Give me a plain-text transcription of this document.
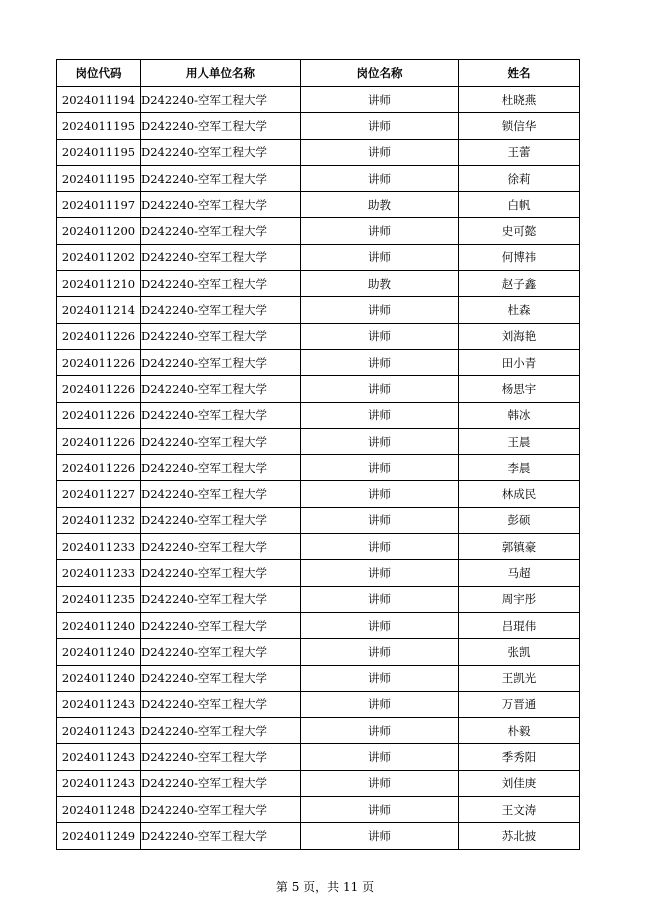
岗位代码	用人单位名称	岗位名称	姓名
2024011194	D242240-空军工程大学	讲师	杜晓燕
2024011195	D242240-空军工程大学	讲师	锁信华
2024011195	D242240-空军工程大学	讲师	王蕾
2024011195	D242240-空军工程大学	讲师	徐莉
2024011197	D242240-空军工程大学	助教	白帆
2024011200	D242240-空军工程大学	讲师	史可懿
2024011202	D242240-空军工程大学	讲师	何博祎
2024011210	D242240-空军工程大学	助教	赵子鑫
2024011214	D242240-空军工程大学	讲师	杜森
2024011226	D242240-空军工程大学	讲师	刘海艳
2024011226	D242240-空军工程大学	讲师	田小青
2024011226	D242240-空军工程大学	讲师	杨思宇
2024011226	D242240-空军工程大学	讲师	韩冰
2024011226	D242240-空军工程大学	讲师	王晨
2024011226	D242240-空军工程大学	讲师	李晨
2024011227	D242240-空军工程大学	讲师	林成民
2024011232	D242240-空军工程大学	讲师	彭硕
2024011233	D242240-空军工程大学	讲师	郭镇豪
2024011233	D242240-空军工程大学	讲师	马超
2024011235	D242240-空军工程大学	讲师	周宇彤
2024011240	D242240-空军工程大学	讲师	吕琨伟
2024011240	D242240-空军工程大学	讲师	张凯
2024011240	D242240-空军工程大学	讲师	王凯光
2024011243	D242240-空军工程大学	讲师	万晋通
2024011243	D242240-空军工程大学	讲师	朴毅
2024011243	D242240-空军工程大学	讲师	季秀阳
2024011243	D242240-空军工程大学	讲师	刘佳庚
2024011248	D242240-空军工程大学	讲师	王文涛
2024011249	D242240-空军工程大学	讲师	苏北披
第 5 页，共 11 页
